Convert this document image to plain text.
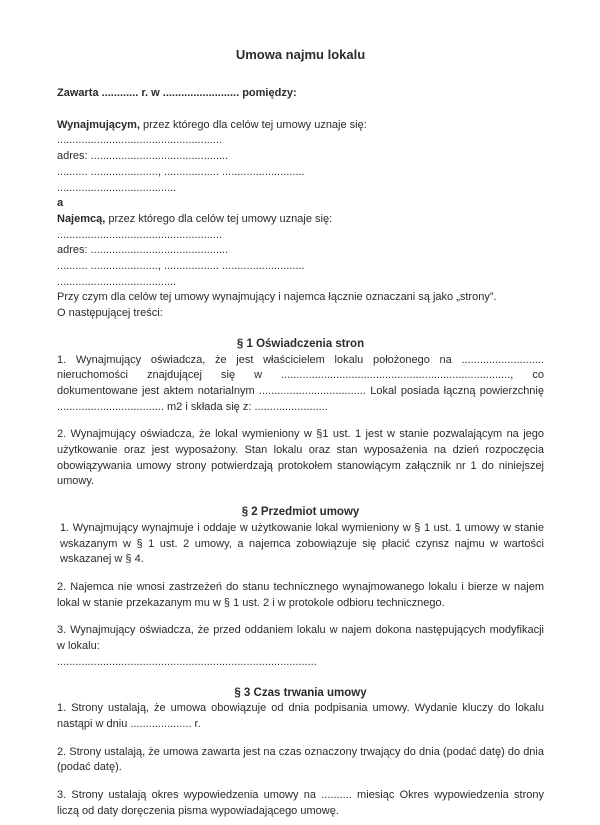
Umowa najmu lokalu
Zawarta ............ r. w ......................... pomiędzy:
Wynajmującym, przez którego dla celów tej umowy uznaje się:
......................................................
adres: .............................................
.......... ......................, .................. ...........................
.......................................
a
Najemcą, przez którego dla celów tej umowy uznaje się:
......................................................
adres: .............................................
.......... ......................, .................. ...........................
.......................................
Przy czym dla celów tej umowy wynajmujący i najemca łącznie oznaczani są jako „strony”.
O następującej treści:
§ 1 Oświadczenia stron
1. Wynajmujący oświadcza, że jest właścicielem lokalu położonego na ........................... nieruchomości znajdującej się w ..........................................................................., co dokumentowane jest aktem notarialnym ................................... Lokal posiada łączną powierzchnię ................................... m2 i składa się z: ........................
2. Wynajmujący oświadcza, że lokal wymieniony w §1 ust. 1 jest w stanie pozwalającym na jego użytkowanie oraz jest wyposażony. Stan lokalu oraz stan wyposażenia na dzień rozpoczęcia obowiązywania umowy strony potwierdzają protokołem stanowiącym załącznik nr 1 do niniejszej umowy.
§ 2 Przedmiot umowy
1. Wynajmujący wynajmuje i oddaje w użytkowanie lokal wymieniony w § 1 ust. 1 umowy w stanie wskazanym w § 1 ust. 2 umowy, a najemca zobowiązuje się płacić czynsz najmu w wartości wskazanej w § 4.
2. Najemca nie wnosi zastrzeżeń do stanu technicznego wynajmowanego lokalu i bierze w najem lokal w stanie przekazanym mu w § 1 ust. 2 i w protokole odbioru technicznego.
3. Wynajmujący oświadcza, że przed oddaniem lokalu w najem dokona następujących modyfikacji w lokalu:
.....................................................................................
§ 3 Czas trwania umowy
1. Strony ustalają, że umowa obowiązuje od dnia podpisania umowy. Wydanie kluczy do lokalu nastąpi w dniu .................... r.
2. Strony ustalają, że umowa zawarta jest na czas oznaczony trwający do dnia (podać datę) do dnia (podać datę).
3. Strony ustalają okres wypowiedzenia umowy na .......... miesiąc Okres wypowiedzenia strony liczą od daty doręczenia pisma wypowiadającego umowę.
